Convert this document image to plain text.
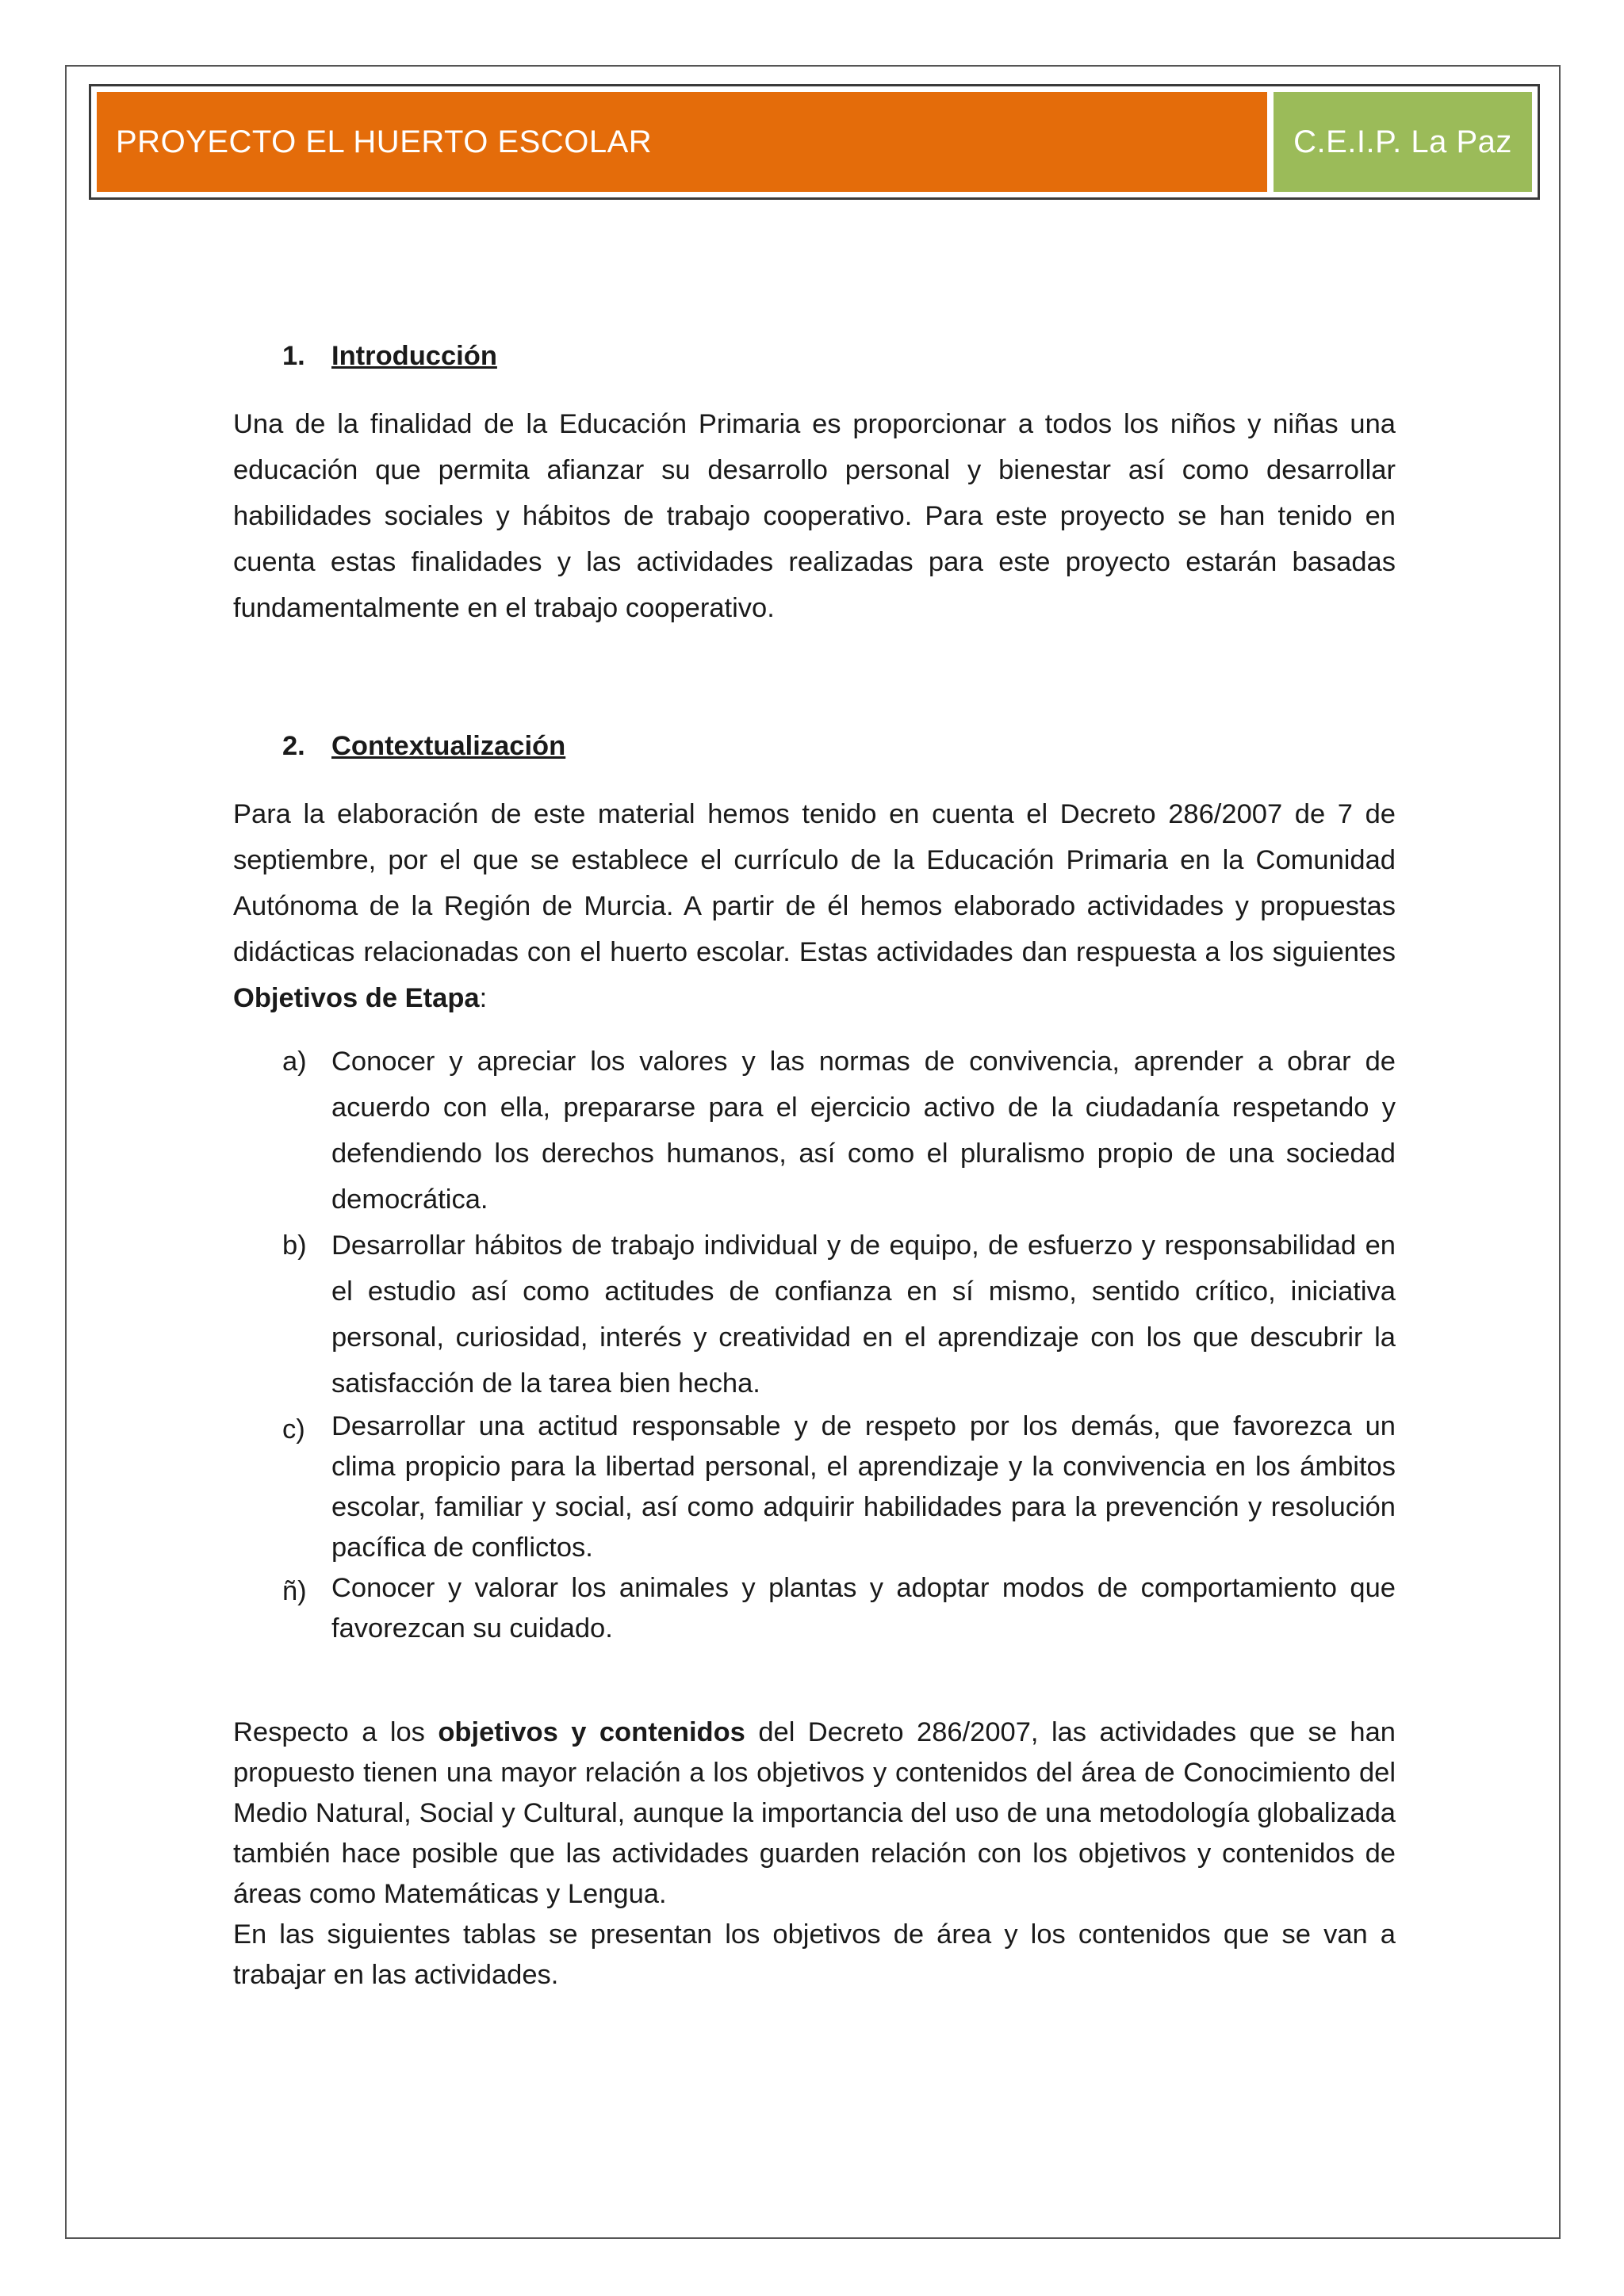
PROYECTO EL HUERTO ESCOLAR	C.E.I.P. La Paz
1. Introducción

Una de la finalidad de la Educación Primaria es proporcionar a todos los niños y niñas una educación que permita afianzar su desarrollo personal y bienestar así como desarrollar habilidades sociales y hábitos de trabajo cooperativo. Para este proyecto se han tenido en cuenta estas finalidades y las actividades realizadas para este proyecto estarán basadas fundamentalmente en el trabajo cooperativo.

2. Contextualización

Para la elaboración de este material hemos tenido en cuenta el Decreto 286/2007 de 7 de septiembre, por el que se establece el currículo de la Educación Primaria en la Comunidad Autónoma de la Región de Murcia. A partir de él hemos elaborado actividades y propuestas didácticas relacionadas con el huerto escolar. Estas actividades dan respuesta a los siguientes Objetivos de Etapa:

a) Conocer y apreciar los valores y las normas de convivencia, aprender a obrar de acuerdo con ella, prepararse para el ejercicio activo de la ciudadanía respetando y defendiendo los derechos humanos, así como el pluralismo propio de una sociedad democrática.
b) Desarrollar hábitos de trabajo individual y de equipo, de esfuerzo y responsabilidad en el estudio así como actitudes de confianza en sí mismo, sentido crítico, iniciativa personal, curiosidad, interés y creatividad en el aprendizaje con los que descubrir la satisfacción de la tarea bien hecha.
c) Desarrollar una actitud responsable y de respeto por los demás, que favorezca un clima propicio para la libertad personal, el aprendizaje y la convivencia en los ámbitos escolar, familiar y social, así como adquirir habilidades para la prevención y resolución pacífica de conflictos.
ñ) Conocer y valorar los animales y plantas y adoptar modos de comportamiento que favorezcan su cuidado.

Respecto a los objetivos y contenidos del Decreto 286/2007, las actividades que se han propuesto tienen una mayor relación a los objetivos y contenidos del área de Conocimiento del Medio Natural, Social y Cultural, aunque la importancia del uso de una metodología globalizada también hace posible que las actividades guarden relación con los objetivos y contenidos de áreas como Matemáticas y Lengua.

En las siguientes tablas se presentan los objetivos de área y los contenidos que se van a trabajar en las actividades.
